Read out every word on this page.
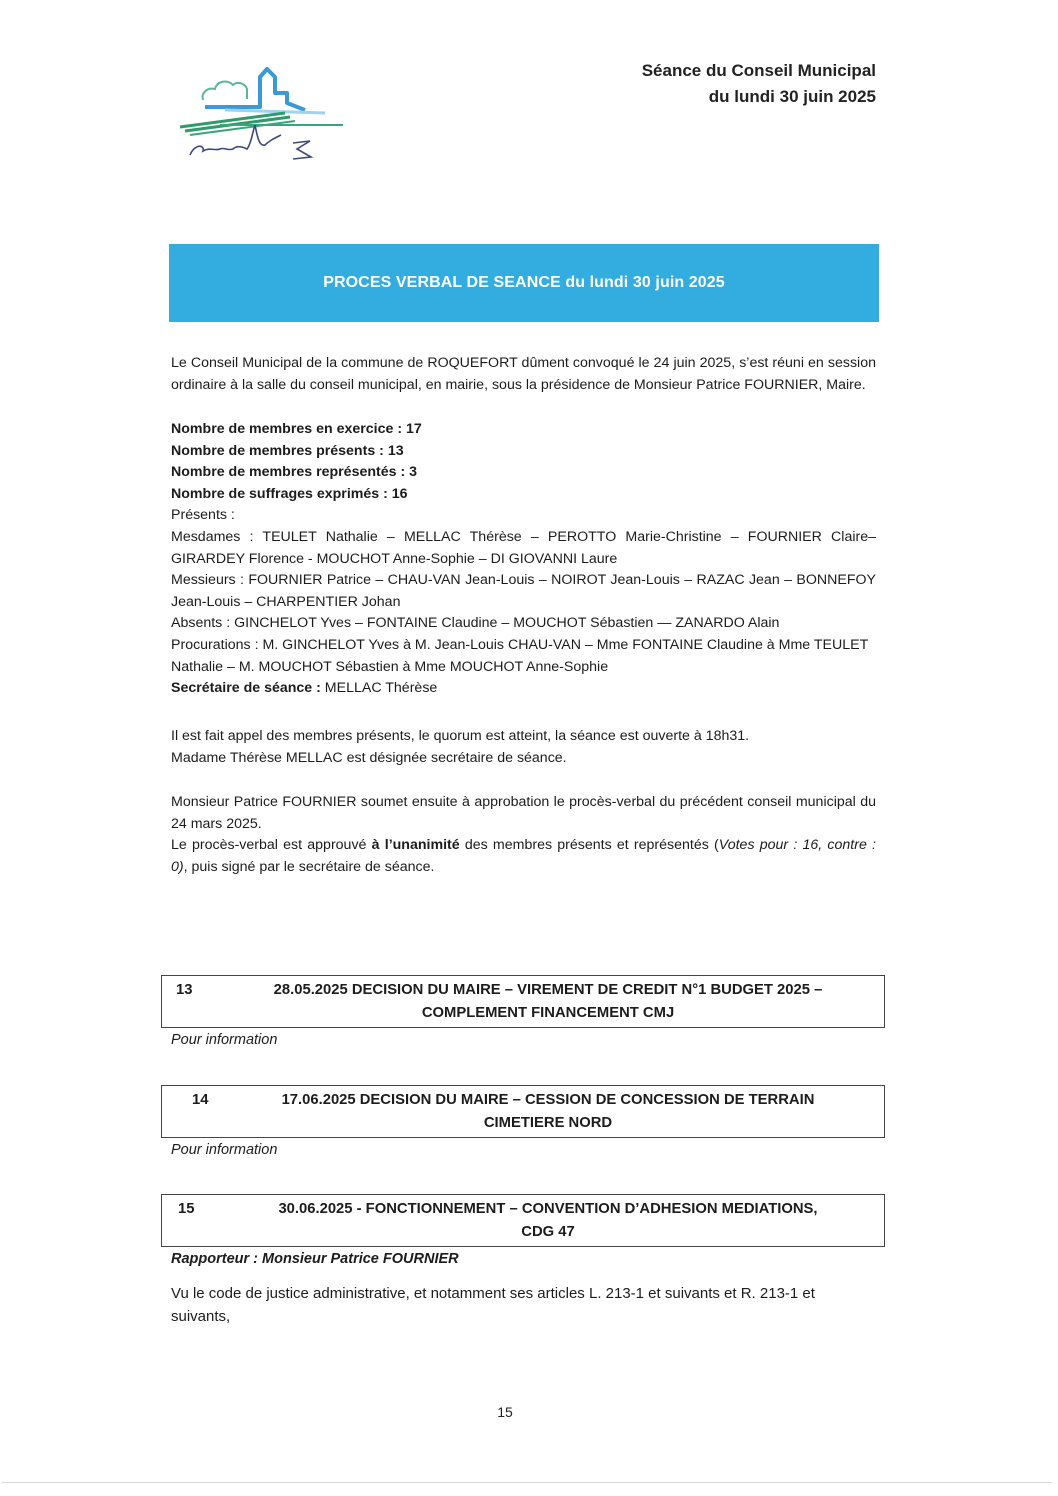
Séance du Conseil Municipal
du lundi 30 juin 2025
PROCES VERBAL DE SEANCE du lundi 30 juin 2025
Le Conseil Municipal de la commune de ROQUEFORT dûment convoqué le 24 juin 2025, s’est réuni en session ordinaire à la salle du conseil municipal, en mairie, sous la présidence de Monsieur Patrice FOURNIER, Maire.
Nombre de membres en exercice : 17
Nombre de membres présents : 13
Nombre de membres représentés : 3
Nombre de suffrages exprimés : 16
Présents :
Mesdames : TEULET Nathalie – MELLAC Thérèse – PEROTTO Marie-Christine – FOURNIER Claire– GIRARDEY Florence - MOUCHOT Anne-Sophie – DI GIOVANNI Laure
Messieurs : FOURNIER Patrice – CHAU-VAN Jean-Louis – NOIROT Jean-Louis – RAZAC Jean – BONNEFOY Jean-Louis – CHARPENTIER Johan
Absents : GINCHELOT Yves – FONTAINE Claudine – MOUCHOT Sébastien — ZANARDO Alain
Procurations : M. GINCHELOT Yves à M. Jean-Louis CHAU-VAN – Mme FONTAINE Claudine à Mme TEULET Nathalie – M. MOUCHOT Sébastien à Mme MOUCHOT Anne-Sophie
Secrétaire de séance : MELLAC Thérèse
Il est fait appel des membres présents, le quorum est atteint, la séance est ouverte à 18h31.
Madame Thérèse MELLAC est désignée secrétaire de séance.
Monsieur Patrice FOURNIER soumet ensuite à approbation le procès-verbal du précédent conseil municipal du 24 mars 2025.
Le procès-verbal est approuvé à l’unanimité des membres présents et représentés (Votes pour : 16, contre : 0), puis signé par le secrétaire de séance.
13	28.05.2025 DECISION DU MAIRE – VIREMENT DE CREDIT N°1 BUDGET 2025 –
COMPLEMENT FINANCEMENT CMJ
Pour information
14	17.06.2025 DECISION DU MAIRE – CESSION DE CONCESSION DE TERRAIN
CIMETIERE NORD
Pour information
15	30.06.2025 - FONCTIONNEMENT – CONVENTION D’ADHESION MEDIATIONS,
CDG 47
Rapporteur : Monsieur Patrice FOURNIER
Vu le code de justice administrative, et notamment ses articles L. 213-1 et suivants et R. 213-1 et suivants,
15
